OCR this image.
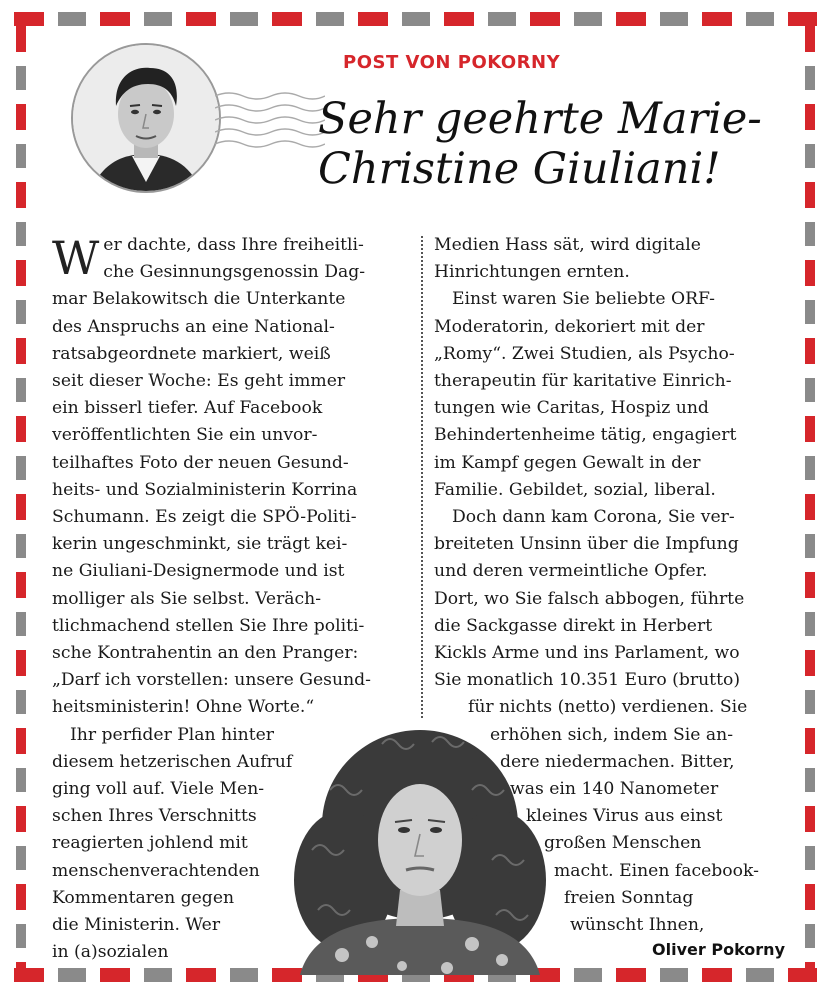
POST VON POKORNY
Sehr geehrte Marie-
Christine Giuliani!
W er dachte, dass Ihre freiheitli-
che Gesinnungsgenossin Dag-
mar Belakowitsch die Unterkante
des Anspruchs an eine National-
ratsabgeordnete markiert, weiß
seit dieser Woche: Es geht immer
ein bisserl tiefer. Auf Facebook
veröffentlichten Sie ein unvor-
teilhaftes Foto der neuen Gesund-
heits- und Sozialministerin Korrina
Schumann. Es zeigt die SPÖ-Politi-
kerin ungeschminkt, sie trägt kei-
ne Giuliani-Designermode und ist
molliger als Sie selbst. Veräch-
tlichmachend stellen Sie Ihre politi-
sche Kontrahentin an den Pranger:
„Darf ich vorstellen: unsere Gesund-
heitsministerin! Ohne Worte.“
Ihr perfider Plan hinter
diesem hetzerischen Aufruf
ging voll auf. Viele Men-
schen Ihres Verschnitts
reagierten johlend mit
menschenverachtenden
Kommentaren gegen
die Ministerin. Wer
in (a)sozialen
Medien Hass sät, wird digitale
Hinrichtungen ernten.
Einst waren Sie beliebte ORF-
Moderatorin, dekoriert mit der
„Romy“. Zwei Studien, als Psycho-
therapeutin für karitative Einrich-
tungen wie Caritas, Hospiz und
Behindertenheime tätig, engagiert
im Kampf gegen Gewalt in der
Familie. Gebildet, sozial, liberal.
Doch dann kam Corona, Sie ver-
breiteten Unsinn über die Impfung
und deren vermeintliche Opfer.
Dort, wo Sie falsch abbogen, führte
die Sackgasse direkt in Herbert
Kickls Arme und ins Parlament, wo
Sie monatlich 10.351 Euro (brutto)
für nichts (netto) verdienen. Sie
erhöhen sich, indem Sie an-
dere niedermachen. Bitter,
was ein 140 Nanometer
kleines Virus aus einst
großen Menschen
macht. Einen facebook-
freien Sonntag
wünscht Ihnen,
Oliver Pokorny
